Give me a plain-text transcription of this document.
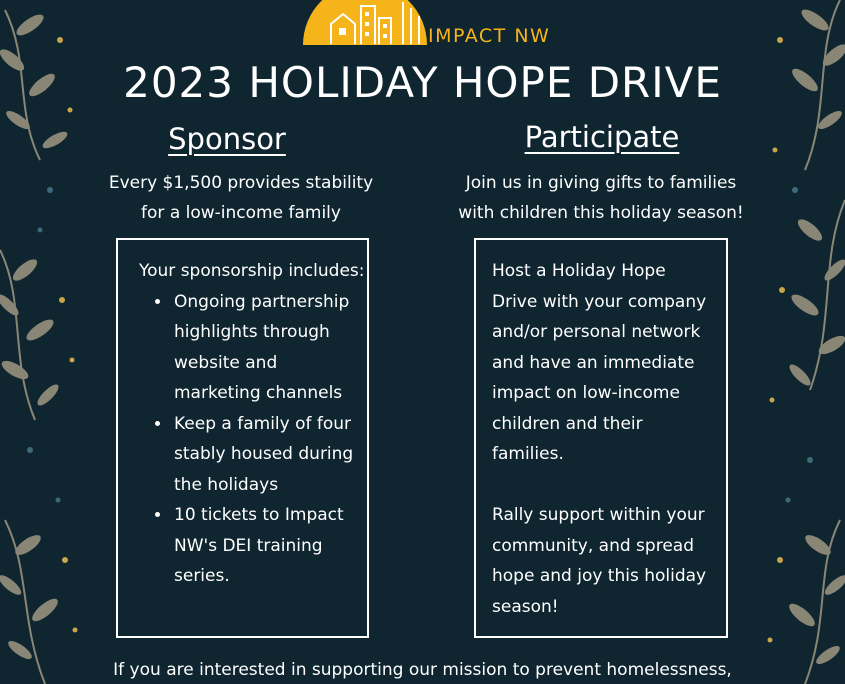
IMPACT NW
2023 HOLIDAY HOPE DRIVE
Sponsor	Participate
Every $1,500 provides stability
for a low-income family
Join us in giving gifts to families
with children this holiday season!
Your sponsorship includes:
• Ongoing partnership highlights through website and marketing channels
• Keep a family of four stably housed during the holidays
• 10 tickets to Impact NW's DEI training series.

Host a Holiday Hope Drive with your company and/or personal network and have an immediate impact on low-income children and their families.

Rally support within your community, and spread hope and joy this holiday season!

If you are interested in supporting our mission to prevent homelessness,
